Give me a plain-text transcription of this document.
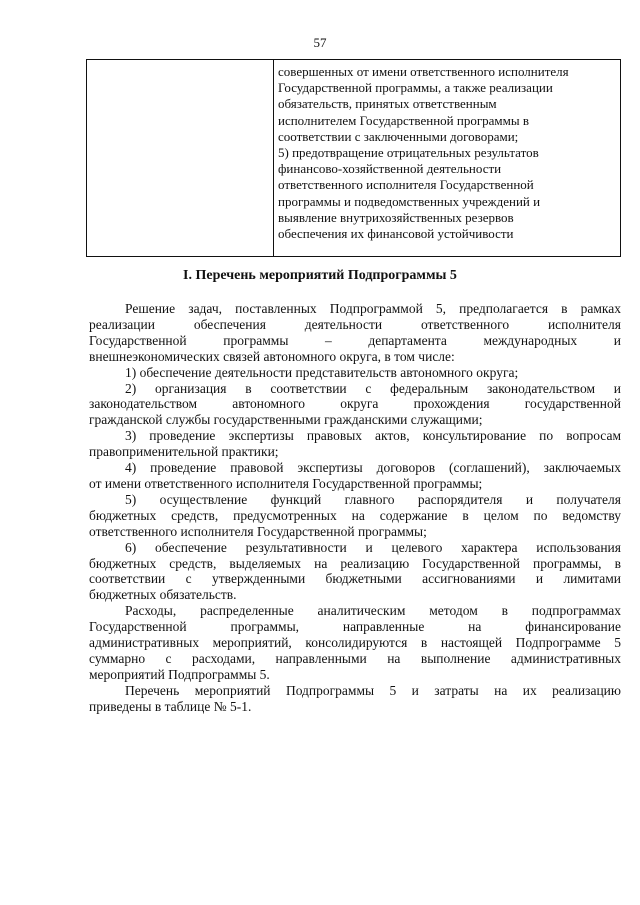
57

совершенных от имени ответственного исполнителя
Государственной программы, а также реализации
обязательств, принятых ответственным
исполнителем Государственной программы в
соответствии с заключенными договорами;
5) предотвращение отрицательных результатов
финансово-хозяйственной деятельности
ответственного исполнителя Государственной
программы и подведомственных учреждений и
выявление внутрихозяйственных резервов
обеспечения их финансовой устойчивости
I. Перечень мероприятий Подпрограммы 5

Решение задач, поставленных Подпрограммой 5, предполагается в рамках
реализации обеспечения деятельности ответственного исполнителя
Государственной программы – департамента международных и
внешнеэкономических связей автономного округа, в том числе:

1) обеспечение деятельности представительств автономного округа;

2) организация в соответствии с федеральным законодательством и
законодательством автономного округа прохождения государственной
гражданской службы государственными гражданскими служащими;

3) проведение экспертизы правовых актов, консультирование по вопросам
правоприменительной практики;

4) проведение правовой экспертизы договоров (соглашений), заключаемых
от имени ответственного исполнителя Государственной программы;

5) осуществление функций главного распорядителя и получателя
бюджетных средств, предусмотренных на содержание в целом по ведомству
ответственного исполнителя Государственной программы;

6) обеспечение результативности и целевого характера использования
бюджетных средств, выделяемых на реализацию Государственной программы, в
соответствии с утвержденными бюджетными ассигнованиями и лимитами
бюджетных обязательств.

Расходы, распределенные аналитическим методом в подпрограммах
Государственной программы, направленные на финансирование
административных мероприятий, консолидируются в настоящей Подпрограмме 5
суммарно с расходами, направленными на выполнение административных
мероприятий Подпрограммы 5.

Перечень мероприятий Подпрограммы 5 и затраты на их реализацию
приведены в таблице № 5-1.
